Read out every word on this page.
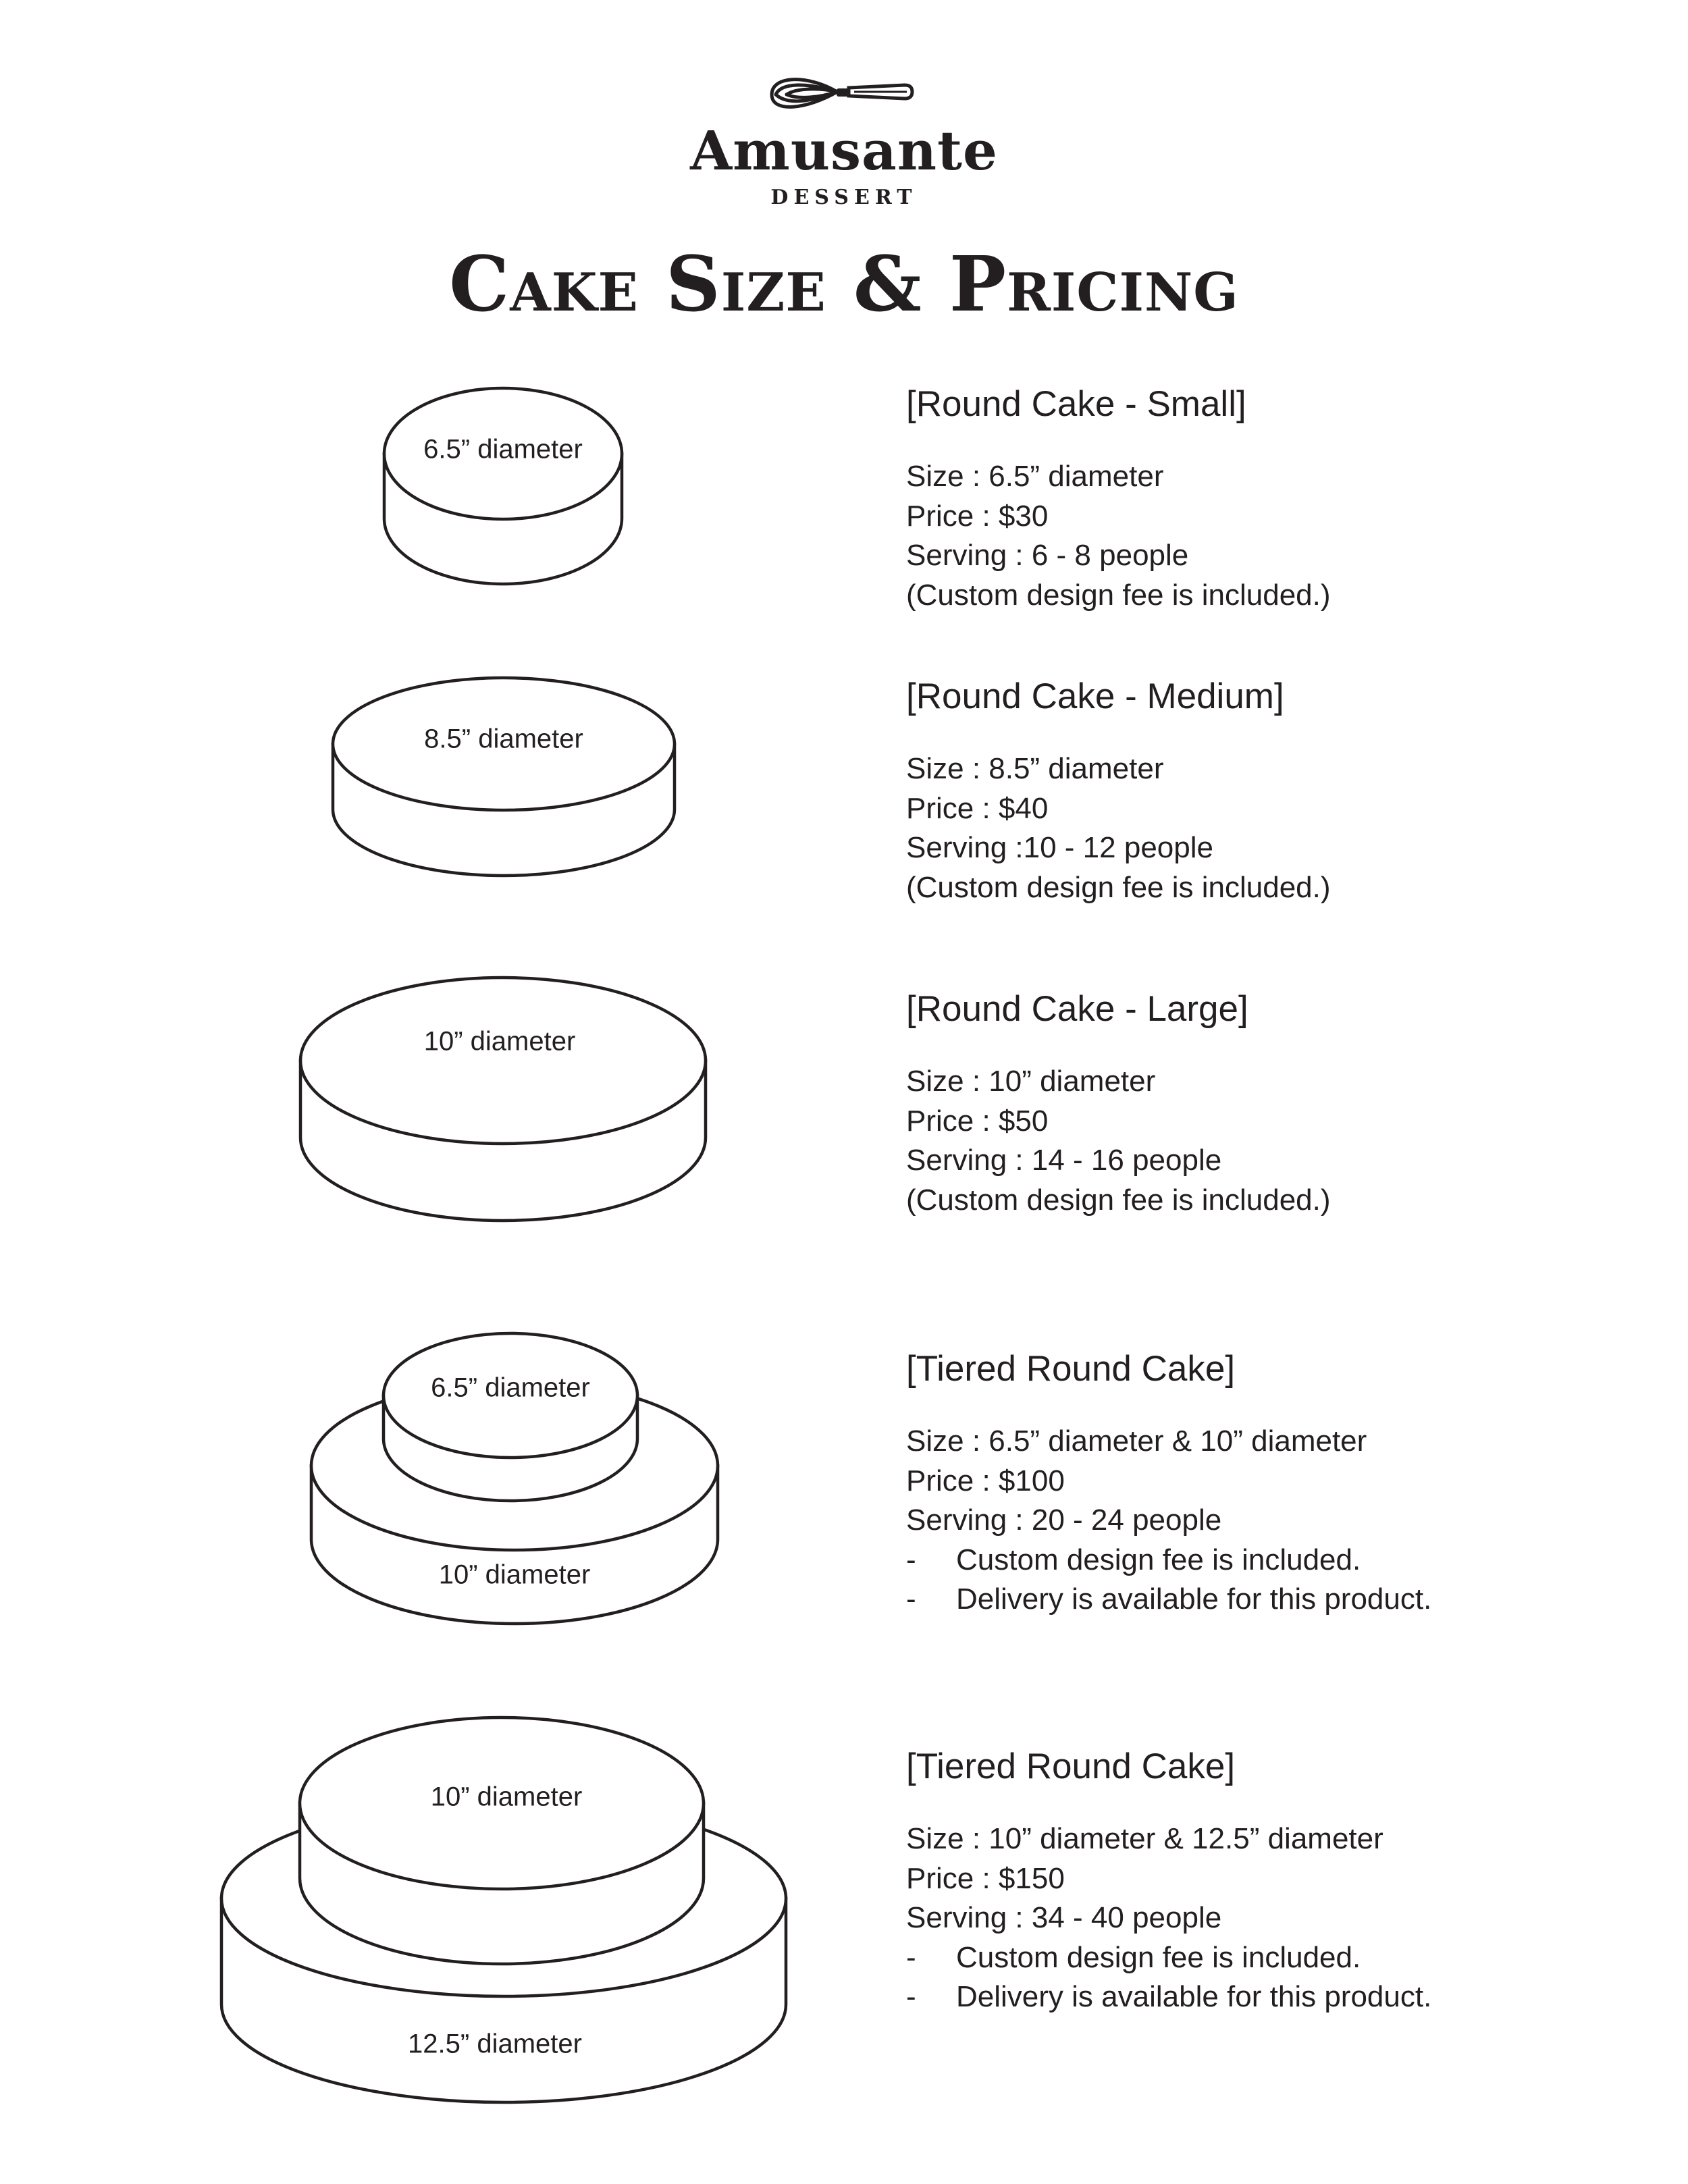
Amusante
DESSERT
Cake Size & Pricing
6.5” diameter
8.5” diameter
10” diameter
6.5” diameter
10” diameter
10” diameter
12.5” diameter
[Round Cake - Small]
Size : 6.5” diameter
Price : $30
Serving : 6 - 8 people
(Custom design fee is included.)
[Round Cake - Medium]
Size : 8.5” diameter
Price : $40
Serving :10 - 12 people
(Custom design fee is included.)
[Round Cake - Large]
Size : 10” diameter
Price : $50
Serving : 14 - 16 people
(Custom design fee is included.)
[Tiered Round Cake]
Size : 6.5” diameter & 10” diameter
Price : $100
Serving : 20 - 24 people
- Custom design fee is included.
- Delivery is available for this product.
[Tiered Round Cake]
Size : 10” diameter & 12.5” diameter
Price : $150
Serving : 34 - 40 people
- Custom design fee is included.
- Delivery is available for this product.
